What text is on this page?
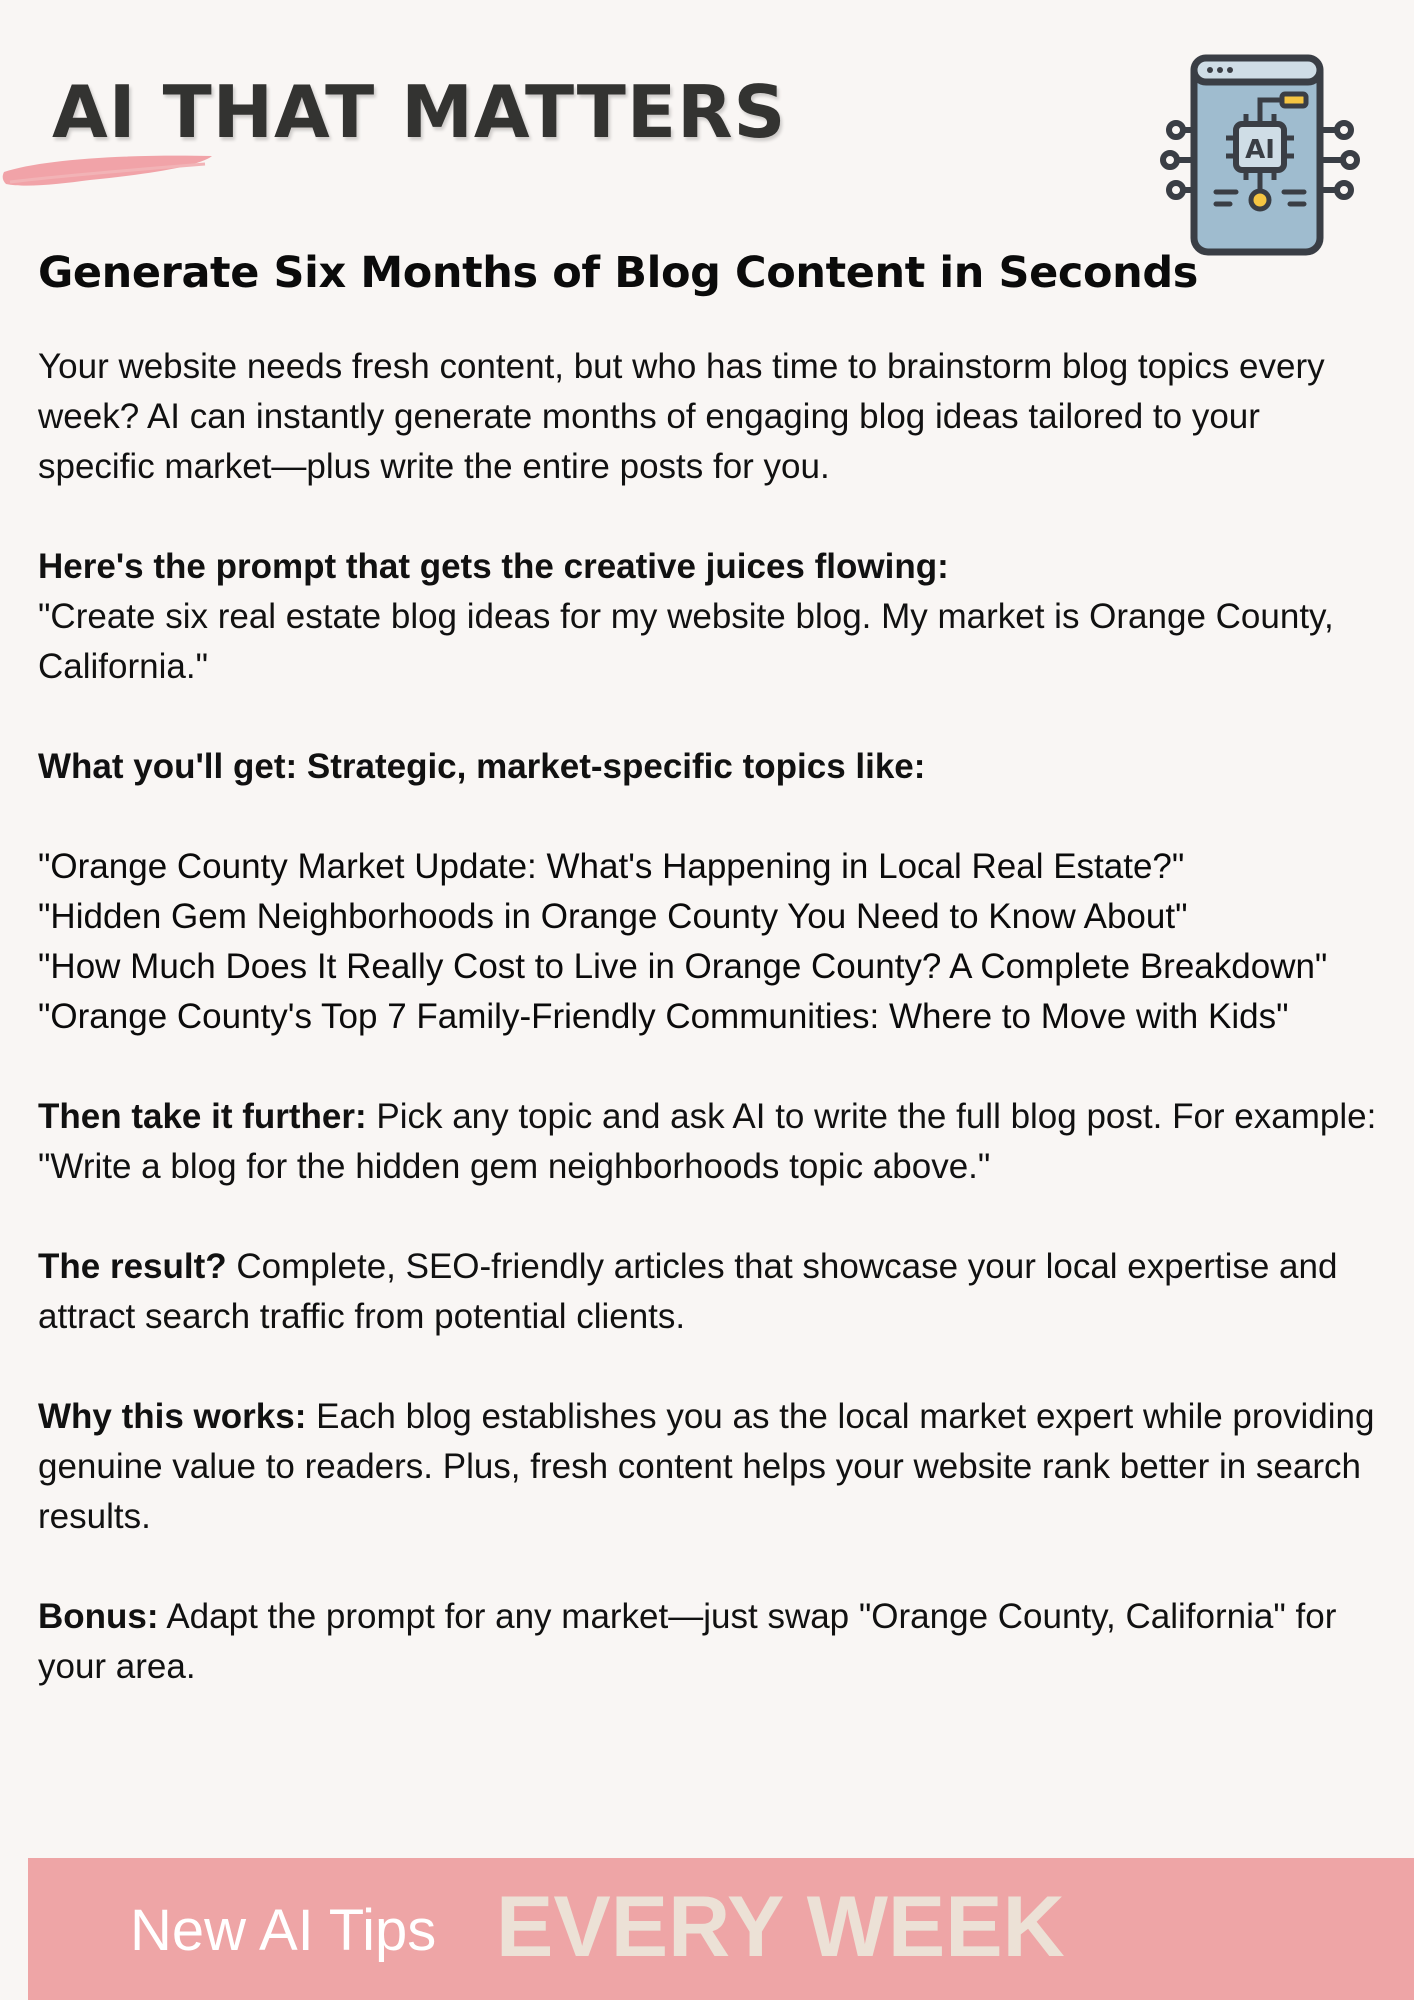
AI THAT MATTERS	AI
Generate Six Months of Blog Content in Seconds

Your website needs fresh content, but who has time to brainstorm blog topics every week? AI can instantly generate months of engaging blog ideas tailored to your specific market—plus write the entire posts for you.

Here's the prompt that gets the creative juices flowing:
"Create six real estate blog ideas for my website blog. My market is Orange County, California."

What you'll get: Strategic, market-specific topics like:

"Orange County Market Update: What's Happening in Local Real Estate?"
"Hidden Gem Neighborhoods in Orange County You Need to Know About"
"How Much Does It Really Cost to Live in Orange County? A Complete Breakdown"
"Orange County's Top 7 Family-Friendly Communities: Where to Move with Kids"

Then take it further: Pick any topic and ask AI to write the full blog post. For example: "Write a blog for the hidden gem neighborhoods topic above."

The result? Complete, SEO-friendly articles that showcase your local expertise and attract search traffic from potential clients.

Why this works: Each blog establishes you as the local market expert while providing genuine value to readers. Plus, fresh content helps your website rank better in search results.

Bonus: Adapt the prompt for any market—just swap "Orange County, California" for your area.

New AI Tips EVERY WEEK
